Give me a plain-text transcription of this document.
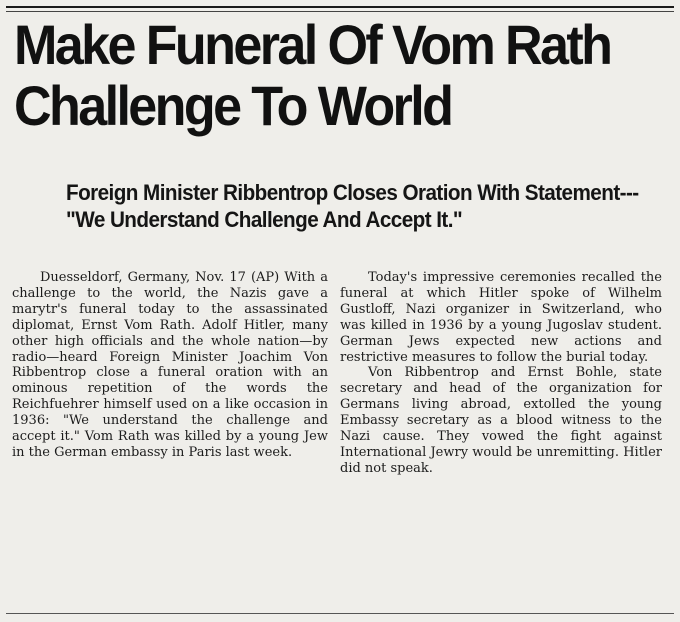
Make Funeral Of Vom Rath Challenge To World
Foreign Minister Ribbentrop Closes Oration With Statement---"We Understand Challenge And Accept It."

Duesseldorf, Germany, Nov. 17 (AP) With a challenge to the world, the Nazis gave a marytr's funeral today to the assassinated diplomat, Ernst Vom Rath. Adolf Hitler, many other high officials and the whole nation—by radio—heard Foreign Minister Joachim Von Ribbentrop close a funeral oration with an ominous repetition of the words the Reichfuehrer himself used on a like occasion in 1936: "We understand the challenge and accept it." Vom Rath was killed by a young Jew in the German embassy in Paris last week.

Today's impressive ceremonies recalled the funeral at which Hitler spoke of Wilhelm Gustloff, Nazi organizer in Switzerland, who was killed in 1936 by a young Jugoslav student. German Jews expected new actions and restrictive measures to follow the burial today.

Von Ribbentrop and Ernst Bohle, state secretary and head of the organization for Germans living abroad, extolled the young Embassy secretary as a blood witness to the Nazi cause. They vowed the fight against International Jewry would be unremitting. Hitler did not speak.
